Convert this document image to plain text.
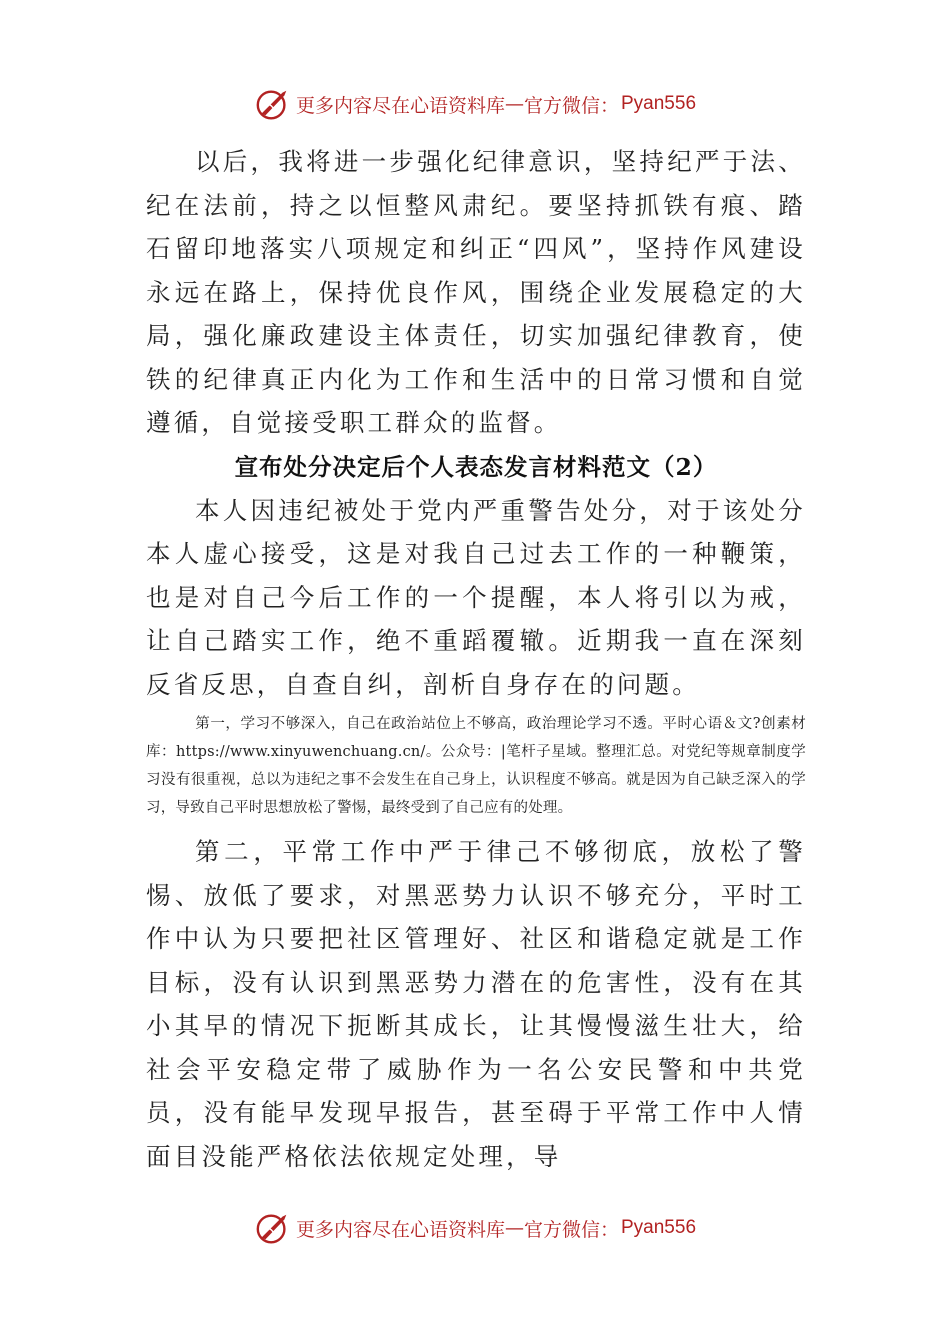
更多内容尽在心语资料库 — 官方微信： Pyan556

以后，我将进一步强化纪律意识，坚持纪严于法、纪在法前，持之以恒整风肃纪。要坚持抓铁有痕、踏石留印地落实八项规定和纠正“四风”，坚持作风建设永远在路上，保持优良作风，围绕企业发展稳定的大局，强化廉政建设主体责任，切实加强纪律教育，使铁的纪律真正内化为工作和生活中的日常习惯和自觉遵循，自觉接受职工群众的监督。

宣布处分决定后个人表态发言材料范文（2）

本人因违纪被处于党内严重警告处分，对于该处分本人虚心接受，这是对我自己过去工作的一种鞭策，也是对自己今后工作的一个提醒，本人将引以为戒，让自己踏实工作，绝不重蹈覆辙。近期我一直在深刻反省反思，自查自纠，剖析自身存在的问题。

第一，学习不够深入，自己在政治站位上不够高，政治理论学习不透。平时心语＆文?创素材库：https://www.xinyuwenchuang.cn/。公众号：|笔杆子星域。整理汇总。对党纪等规章制度学习没有很重视，总以为违纪之事不会发生在自己身上，认识程度不够高。就是因为自己缺乏深入的学习，导致自己平时思想放松了警惕，最终受到了自己应有的处理。

第二，平常工作中严于律己不够彻底，放松了警惕、放低了要求，对黑恶势力认识不够充分，平时工作中认为只要把社区管理好、社区和谐稳定就是工作目标，没有认识到黑恶势力潜在的危害性，没有在其小其早的情况下扼断其成长，让其慢慢滋生壮大，给社会平安稳定带了威胁作为一名公安民警和中共党员，没有能早发现早报告，甚至碍于平常工作中人情面目没能严格依法依规定处理，导

更多内容尽在心语资料库 — 官方微信： Pyan556
